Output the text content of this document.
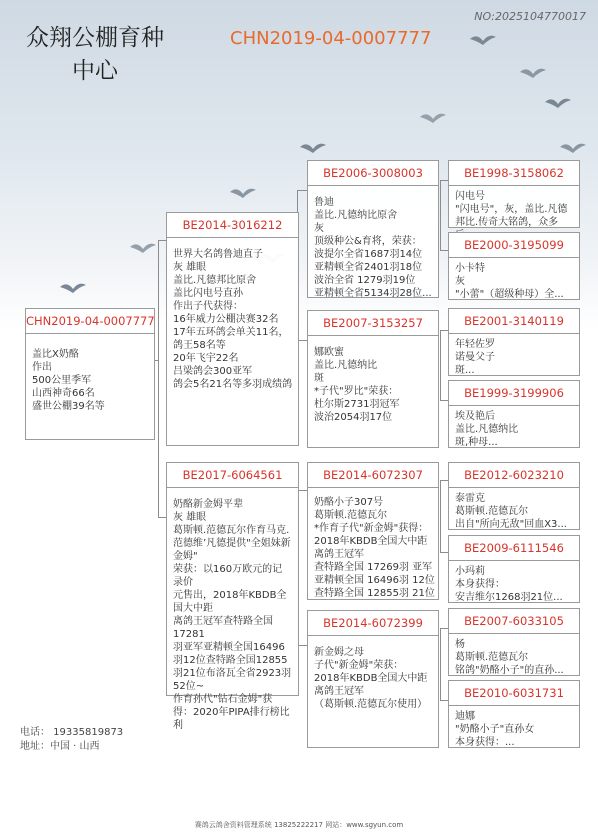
众翔公棚育种
中心
CHN2019-04-0007777
NO:2025104770017
CHN2019-04-0007777
盖比X奶酪
作出
500公里季军
山西神奇66名
盛世公棚39名等
BE2014-3016212
世界大名鸽鲁迪直子
灰 雄眼
盖比.凡德邦比原舍
盖比闪电号直孙
作出子代获得：
16年威力公棚决赛32名
17年五环鸽会单关11名，鸽王58名等
20年飞宇22名
吕梁鸽会300亚军
鸽会5名21名等多羽成绩鸽
BE2017-6064561
奶酪新金姆平辈
灰 雄眼
葛斯顿.范德瓦尔作育马克.范德维’凡德提供"全姐妹新金姆"
荣获：以160万欧元的记录价
元售出，2018年KBDB全国大中距
离鸽王冠军查特路全国17281
羽亚军亚精顿全国16496羽12位查特路全国12855羽21位布洛瓦全省2923羽52位~
作育孙代"钻石金姆"获得：2020年PIPA排行榜比利
BE2006-3008003
鲁迪
盖比.凡德纳比原舍
灰
顶级种公&育将，荣获：
波提尔全省1687羽14位
亚精顿全省2401羽18位
波治全省 1279羽19位
亚精顿全省5134羽28位...
BE2007-3153257
娜欧蜜
盖比.凡德纳比
斑
*子代"罗比"荣获：
杜尔斯2731羽冠军
波治2054羽17位
BE2014-6072307
奶酪小子307号
葛斯顿.范德瓦尔
*作育子代"新金姆"获得：2018年KBDB全国大中距离鸽王冠军
查特路全国 17269羽 亚军
亚精顿全国 16496羽 12位
查特路全国 12855羽 21位
BE2014-6072399
新金姆之母
子代"新金姆"荣获：
2018年KBDB全国大中距离鸽王冠军
（葛斯顿.范德瓦尔使用）
BE1998-3158062
闪电号
"闪电号"，灰，盖比.凡德邦比.传奇大铭鸽，众多
BE2000-3195099
小卡特
灰
"小蕾"（超级种母）全...
BE2001-3140119
年轻佐罗
诺曼父子
斑...
BE1999-3199906
埃及艳后
盖比.凡德纳比
斑,种母...
BE2012-6023210
泰雷克
葛斯顿.范德瓦尔
出自"所向无敌"回血X3...
BE2009-6111546
小玛莉
本身获得：
安吉维尔1268羽21位...
BE2007-6033105
杨
葛斯顿.范德瓦尔
铭鸽"奶酪小子"的直孙...
BE2010-6031731
迪娜
"奶酪小子"直孙女
本身获得：...
电话： 19335819873
地址：中国 · 山西
赛鸽云鸽舍资料管理系统 13825222217 网站：www.sgyun.com
